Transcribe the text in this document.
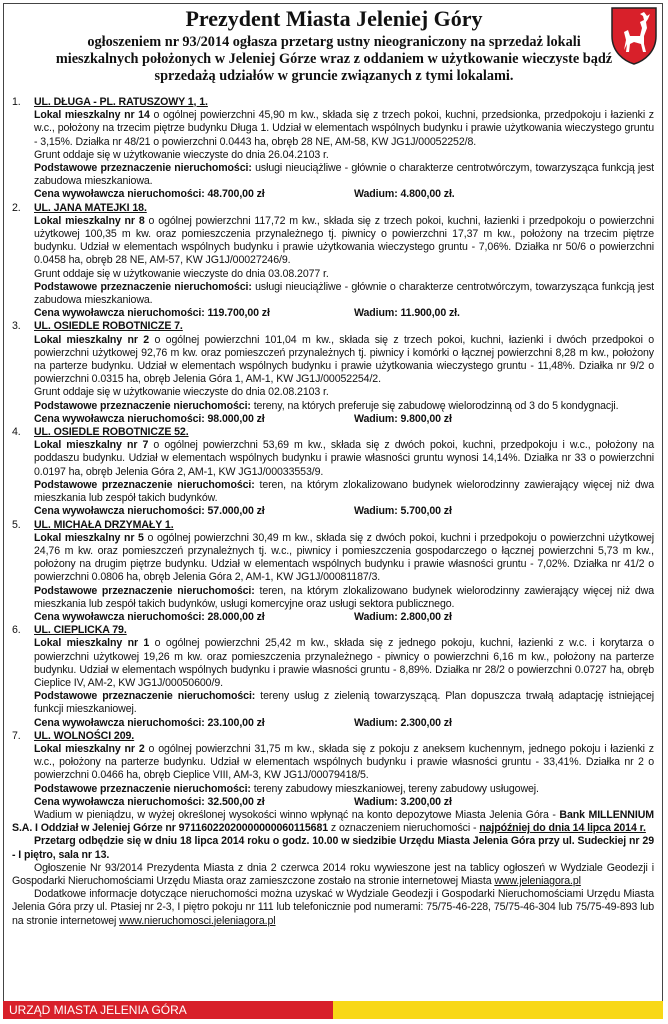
Prezydent Miasta Jeleniej Góry

ogłoszeniem nr 93/2014 ogłasza przetarg ustny nieograniczony na sprzedaż lokali mieszkalnych położonych w Jeleniej Górze wraz z oddaniem w użytkowanie wieczyste bądź sprzedażą udziałów w gruncie związanych z tymi lokalami.

1.	UL. DŁUGA - PL. RATUSZOWY 1, 1.

Lokal mieszkalny nr 14 o ogólnej powierzchni 45,90 m kw., składa się z trzech pokoi, kuchni, przedsionka, przedpokoju i łazienki z w.c., położony na trzecim piętrze budynku Długa 1. Udział w elementach wspólnych budynku i prawie użytkowania wieczystego gruntu - 3,15%. Działka nr 48/21 o powierzchni 0.0443 ha, obręb 28 NE, AM-58, KW JG1J/00052252/8.

Grunt oddaje się w użytkowanie wieczyste do dnia 26.04.2103 r.

Podstawowe przeznaczenie nieruchomości: usługi nieuciążliwe - głównie o charakterze centrotwórczym, towarzysząca funkcją jest zabudowa mieszkaniowa.

Cena wywoławcza nieruchomości: 48.700,00 zł	Wadium: 4.800,00 zł.
2.	UL. JANA MATEJKI 18.

Lokal mieszkalny nr 8 o ogólnej powierzchni 117,72 m kw., składa się z trzech pokoi, kuchni, łazienki i przedpokoju o powierzchni użytkowej 100,35 m kw. oraz pomieszczenia przynależnego tj. piwnicy o powierzchni 17,37 m kw., położony na trzecim piętrze budynku. Udział w elementach wspólnych budynku i prawie użytkowania wieczystego gruntu - 7,06%. Działka nr 50/6 o powierzchni 0.0458 ha, obręb 28 NE, AM-57, KW JG1J/00027246/9.

Grunt oddaje się w użytkowanie wieczyste do dnia 03.08.2077 r.

Podstawowe przeznaczenie nieruchomości: usługi nieuciążliwe - głównie o charakterze centrotwórczym, towarzysząca funkcją jest zabudowa mieszkaniowa.

Cena wywoławcza nieruchomości: 119.700,00 zł	Wadium: 11.900,00 zł.
3.	UL. OSIEDLE ROBOTNICZE 7.

Lokal mieszkalny nr 2 o ogólnej powierzchni 101,04 m kw., składa się z trzech pokoi, kuchni, łazienki i dwóch przedpokoi o powierzchni użytkowej 92,76 m kw. oraz pomieszczeń przynależnych tj. piwnicy i komórki o łącznej powierzchni 8,28 m kw., położony na parterze budynku. Udział w elementach wspólnych budynku i prawie użytkowania wieczystego gruntu - 11,48%. Działka nr 9/2 o powierzchni 0.0315 ha, obręb Jelenia Góra 1, AM-1, KW JG1J/00052254/2.

Grunt oddaje się w użytkowanie wieczyste do dnia 02.08.2103 r.

Podstawowe przeznaczenie nieruchomości: tereny, na których preferuje się zabudowę wielorodzinną od 3 do 5 kondygnacji.

Cena wywoławcza nieruchomości: 98.000,00 zł	Wadium: 9.800,00 zł
4.	UL. OSIEDLE ROBOTNICZE 52.

Lokal mieszkalny nr 7 o ogólnej powierzchni 53,69 m kw., składa się z dwóch pokoi, kuchni, przedpokoju i w.c., położony na poddaszu budynku. Udział w elementach wspólnych budynku i prawie własności gruntu wynosi 14,14%. Działka nr 33 o powierzchni 0.0197 ha, obręb Jelenia Góra 2, AM-1, KW JG1J/00033553/9.

Podstawowe przeznaczenie nieruchomości: teren, na którym zlokalizowano budynek wielorodzinny zawierający więcej niż dwa mieszkania lub zespół takich budynków.

Cena wywoławcza nieruchomości: 57.000,00 zł	Wadium: 5.700,00 zł
5.	UL. MICHAŁA DRZYMAŁY 1.

Lokal mieszkalny nr 5 o ogólnej powierzchni 30,49 m kw., składa się z dwóch pokoi, kuchni i przedpokoju o powierzchni użytkowej 24,76 m kw. oraz pomieszczeń przynależnych tj. w.c., piwnicy i pomieszczenia gospodarczego o łącznej powierzchni 5,73 m kw., położony na drugim piętrze budynku. Udział w elementach wspólnych budynku i prawie własności gruntu - 7,02%. Działka nr 41/2 o powierzchni 0.0806 ha, obręb Jelenia Góra 2, AM-1, KW JG1J/00081187/3.

Podstawowe przeznaczenie nieruchomości: teren, na którym zlokalizowano budynek wielorodzinny zawierający więcej niż dwa mieszkania lub zespół takich budynków, usługi komercyjne oraz usługi sektora publicznego.

Cena wywoławcza nieruchomości: 28.000,00 zł	Wadium: 2.800,00 zł
6.	UL. CIEPLICKA 79.

Lokal mieszkalny nr 1 o ogólnej powierzchni 25,42 m kw., składa się z jednego pokoju, kuchni, łazienki z w.c. i korytarza o powierzchni użytkowej 19,26 m kw. oraz pomieszczenia przynależnego - piwnicy o powierzchni 6,16 m kw., położony na parterze budynku. Udział w elementach wspólnych budynku i prawie własności gruntu - 8,89%. Działka nr 28/2 o powierzchni 0.0727 ha, obręb Cieplice IV, AM-2, KW JG1J/00050600/9.

Podstawowe przeznaczenie nieruchomości: tereny usług z zielenią towarzyszącą. Plan dopuszcza trwałą adaptację istniejącej funkcji mieszkaniowej.

Cena wywoławcza nieruchomości: 23.100,00 zł	Wadium: 2.300,00 zł
7.	UL. WOLNOŚCI 209.

Lokal mieszkalny nr 2 o ogólnej powierzchni 31,75 m kw., składa się z pokoju z aneksem kuchennym, jednego pokoju i łazienki z w.c., położony na parterze budynku. Udział w elementach wspólnych budynku i prawie własności gruntu - 33,41%. Działka nr 2 o powierzchni 0.0466 ha, obręb Cieplice VIII, AM-3, KW JG1J/00079418/5.

Podstawowe przeznaczenie nieruchomości: tereny zabudowy mieszkaniowej, tereny zabudowy usługowej.

Cena wywoławcza nieruchomości: 32.500,00 zł	Wadium: 3.200,00 zł

Wadium w pieniądzu, w wyżej określonej wysokości winno wpłynąć na konto depozytowe Miasta Jelenia Góra - Bank MILLENNIUM S.A. I Oddział w Jeleniej Górze nr 97116022020000000060115681 z oznaczeniem nieruchomości - najpóźniej do dnia 14 lipca 2014 r.

Przetarg odbędzie się w dniu 18 lipca 2014 roku o godz. 10.00 w siedzibie Urzędu Miasta Jelenia Góra przy ul. Sudeckiej nr 29 - I piętro, sala nr 13.

Ogłoszenie Nr 93/2014 Prezydenta Miasta z dnia 2 czerwca 2014 roku wywieszone jest na tablicy ogłoszeń w Wydziale Geodezji i Gospodarki Nieruchomościami Urzędu Miasta oraz zamieszczone zostało na stronie internetowej Miasta www.jeleniagora.pl

Dodatkowe informacje dotyczące nieruchomości można uzyskać w Wydziale Geodezji i Gospodarki Nieruchomościami Urzędu Miasta Jelenia Góra przy ul. Ptasiej nr 2-3, I piętro pokoju nr 111 lub telefonicznie pod numerami: 75/75-46-228, 75/75-46-304 lub 75/75-49-893 lub na stronie internetowej www.nieruchomosci.jeleniagora.pl

URZĄD MIASTA JELENIA GÓRA
